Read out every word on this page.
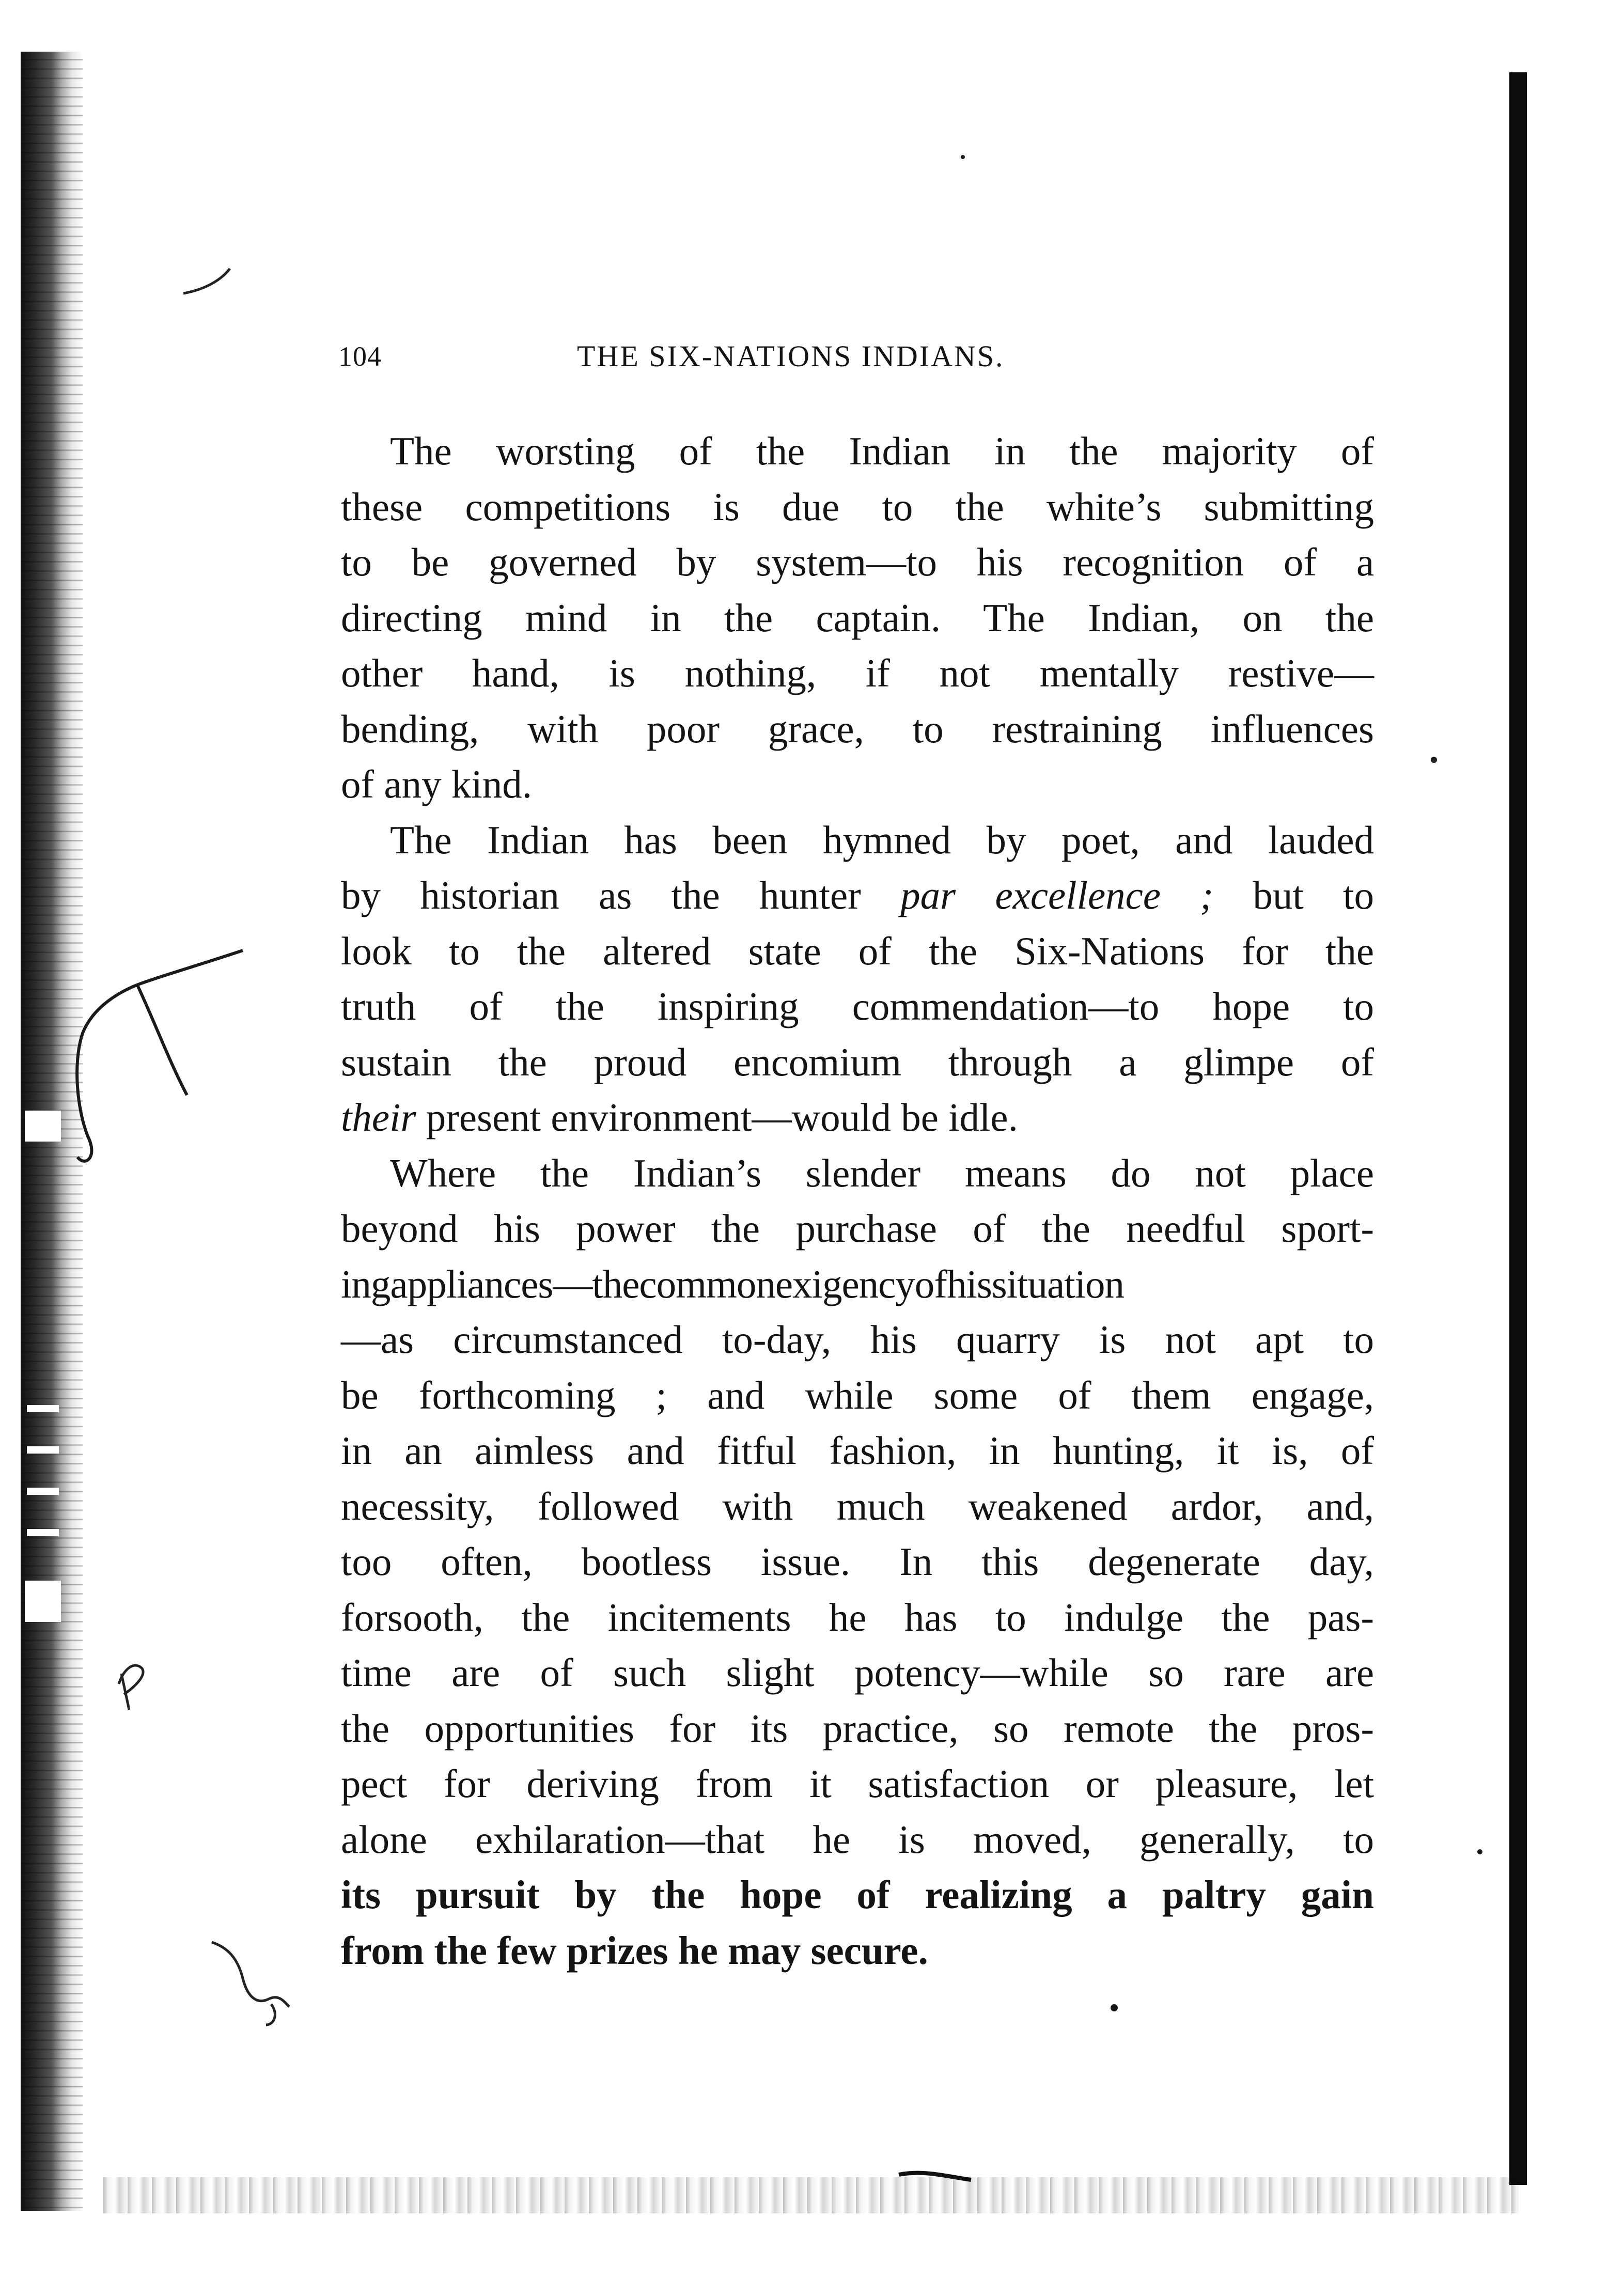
104	THE SIX-NATIONS INDIANS.
The worsting of the Indian in the majority of
these competitions is due to the white’s submitting
to be governed by system—to his recognition of a
directing mind in the captain. The Indian, on the
other hand, is nothing, if not mentally restive—
bending, with poor grace, to restraining influences
of any kind.
The Indian has been hymned by poet, and lauded
by historian as the hunter par excellence ; but to
look to the altered state of the Six-Nations for the
truth of the inspiring commendation—to hope to
sustain the proud encomium through a glimpe of
their present environment—would be idle.
Where the Indian’s slender means do not place
beyond his power the purchase of the needful sport-
ingappliances—thecommonexigencyofhissituation
—as circumstanced to-day, his quarry is not apt to
be forthcoming ; and while some of them engage,
in an aimless and fitful fashion, in hunting, it is, of
necessity, followed with much weakened ardor, and,
too often, bootless issue. In this degenerate day,
forsooth, the incitements he has to indulge the pas-
time are of such slight potency—while so rare are
the opportunities for its practice, so remote the pros-
pect for deriving from it satisfaction or pleasure, let
alone exhilaration—that he is moved, generally, to
its pursuit by the hope of realizing a paltry gain
from the few prizes he may secure.
